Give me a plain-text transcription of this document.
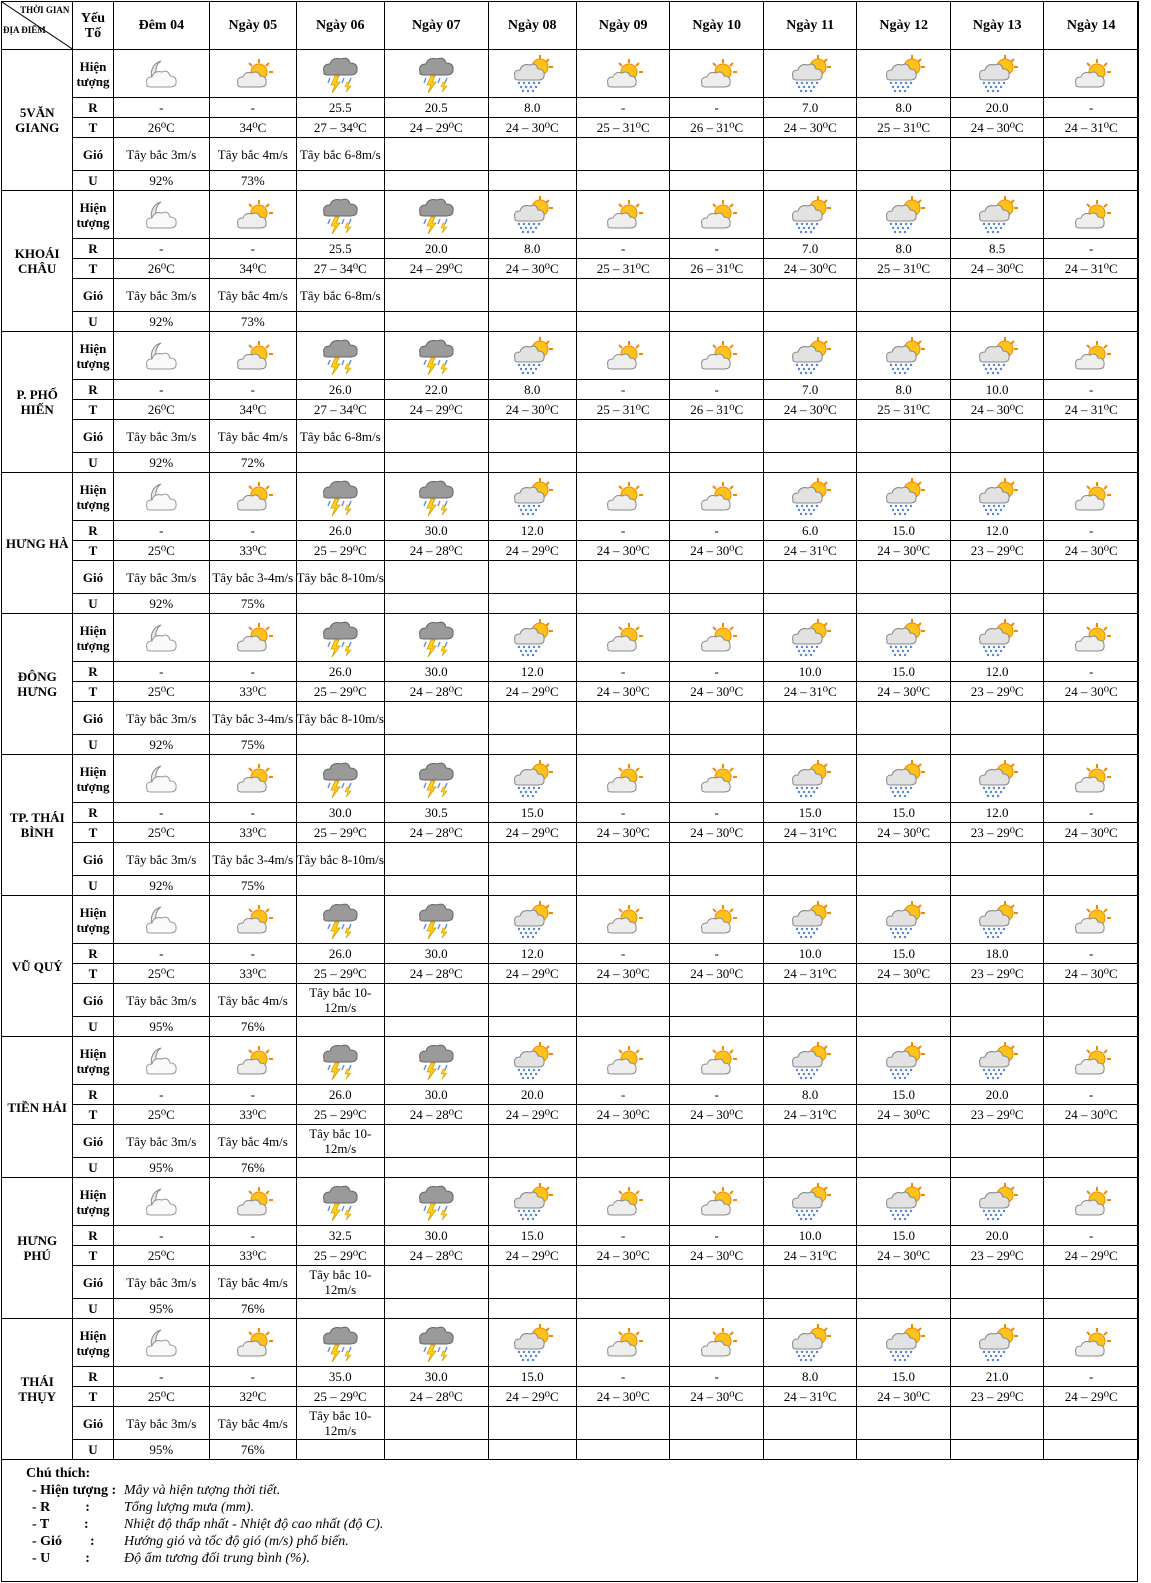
THỜI GIAN
ĐỊA ĐIỂM	Yếu Tố	Đêm 04	Ngày 05	Ngày 06	Ngày 07	Ngày 08	Ngày 09	Ngày 10	Ngày 11	Ngày 12	Ngày 13	Ngày 14
5VĂN GIANG	Hiện tượng	

	R	-	-	25.5	20.5	8.0	-	-	7.0	8.0	20.0	-
	T	26⁰C	34⁰C	27 – 34⁰C	24 – 29⁰C	24 – 30⁰C	25 – 31⁰C	26 – 31⁰C	24 – 30⁰C	25 – 31⁰C	24 – 30⁰C	24 – 31⁰C
	Gió	Tây bắc 3m/s	Tây bắc 4m/s	Tây bắc 6-8m/s								
	U	92%	73%									
KHOÁI CHÂU	Hiện tượng	

	R	-	-	25.5	20.0	8.0	-	-	7.0	8.0	8.5	-
	T	26⁰C	34⁰C	27 – 34⁰C	24 – 29⁰C	24 – 30⁰C	25 – 31⁰C	26 – 31⁰C	24 – 30⁰C	25 – 31⁰C	24 – 30⁰C	24 – 31⁰C
	Gió	Tây bắc 3m/s	Tây bắc 4m/s	Tây bắc 6-8m/s								
	U	92%	73%									
P. PHỐ HIẾN	Hiện tượng	

	R	-	-	26.0	22.0	8.0	-	-	7.0	8.0	10.0	-
	T	26⁰C	34⁰C	27 – 34⁰C	24 – 29⁰C	24 – 30⁰C	25 – 31⁰C	26 – 31⁰C	24 – 30⁰C	25 – 31⁰C	24 – 30⁰C	24 – 31⁰C
	Gió	Tây bắc 3m/s	Tây bắc 4m/s	Tây bắc 6-8m/s								
	U	92%	72%									
HƯNG HÀ	Hiện tượng	

	R	-	-	26.0	30.0	12.0	-	-	6.0	15.0	12.0	-
	T	25⁰C	33⁰C	25 – 29⁰C	24 – 28⁰C	24 – 29⁰C	24 – 30⁰C	24 – 30⁰C	24 – 31⁰C	24 – 30⁰C	23 – 29⁰C	24 – 30⁰C
	Gió	Tây bắc 3m/s	Tây bắc 3-4m/s	Tây bắc 8-10m/s								
	U	92%	75%									
ĐÔNG HƯNG	Hiện tượng	

	R	-	-	26.0	30.0	12.0	-	-	10.0	15.0	12.0	-
	T	25⁰C	33⁰C	25 – 29⁰C	24 – 28⁰C	24 – 29⁰C	24 – 30⁰C	24 – 30⁰C	24 – 31⁰C	24 – 30⁰C	23 – 29⁰C	24 – 30⁰C
	Gió	Tây bắc 3m/s	Tây bắc 3-4m/s	Tây bắc 8-10m/s								
	U	92%	75%									
TP. THÁI BÌNH	Hiện tượng	

	R	-	-	30.0	30.5	15.0	-	-	15.0	15.0	12.0	-
	T	25⁰C	33⁰C	25 – 29⁰C	24 – 28⁰C	24 – 29⁰C	24 – 30⁰C	24 – 30⁰C	24 – 31⁰C	24 – 30⁰C	23 – 29⁰C	24 – 30⁰C
	Gió	Tây bắc 3m/s	Tây bắc 3-4m/s	Tây bắc 8-10m/s								
	U	92%	75%									
VŨ QUÝ	Hiện tượng	

	R	-	-	26.0	30.0	12.0	-	-	10.0	15.0	18.0	-
	T	25⁰C	33⁰C	25 – 29⁰C	24 – 28⁰C	24 – 29⁰C	24 – 30⁰C	24 – 30⁰C	24 – 31⁰C	24 – 30⁰C	23 – 29⁰C	24 – 30⁰C
	Gió	Tây bắc 3m/s	Tây bắc 4m/s	Tây bắc 10-12m/s								
	U	95%	76%									
TIỀN HẢI	Hiện tượng	

	R	-	-	26.0	30.0	20.0	-	-	8.0	15.0	20.0	-
	T	25⁰C	33⁰C	25 – 29⁰C	24 – 28⁰C	24 – 29⁰C	24 – 30⁰C	24 – 30⁰C	24 – 31⁰C	24 – 30⁰C	23 – 29⁰C	24 – 30⁰C
	Gió	Tây bắc 3m/s	Tây bắc 4m/s	Tây bắc 10-12m/s								
	U	95%	76%									
HƯNG PHÚ	Hiện tượng	

	R	-	-	32.5	30.0	15.0	-	-	10.0	15.0	20.0	-
	T	25⁰C	33⁰C	25 – 29⁰C	24 – 28⁰C	24 – 29⁰C	24 – 30⁰C	24 – 30⁰C	24 – 31⁰C	24 – 30⁰C	23 – 29⁰C	24 – 29⁰C
	Gió	Tây bắc 3m/s	Tây bắc 4m/s	Tây bắc 10-12m/s								
	U	95%	76%									
THÁI THỤY	Hiện tượng	

	R	-	-	35.0	30.0	15.0	-	-	8.0	15.0	21.0	-
	T	25⁰C	32⁰C	25 – 29⁰C	24 – 28⁰C	24 – 29⁰C	24 – 30⁰C	24 – 30⁰C	24 – 31⁰C	24 – 30⁰C	23 – 29⁰C	24 – 29⁰C
	Gió	Tây bắc 3m/s	Tây bắc 4m/s	Tây bắc 10-12m/s								
	U	95%	76%									
Chú thích:
- Hiện tượng : Mây và hiện tượng thời tiết.
- R          :	Tổng lượng mưa (mm).
- T          :	Nhiệt độ thấp nhất - Nhiệt độ cao nhất (độ C).
- Gió        :	Hướng gió và tốc độ gió (m/s) phổ biến.
- U          :	Độ ẩm tương đối trung bình (%).
